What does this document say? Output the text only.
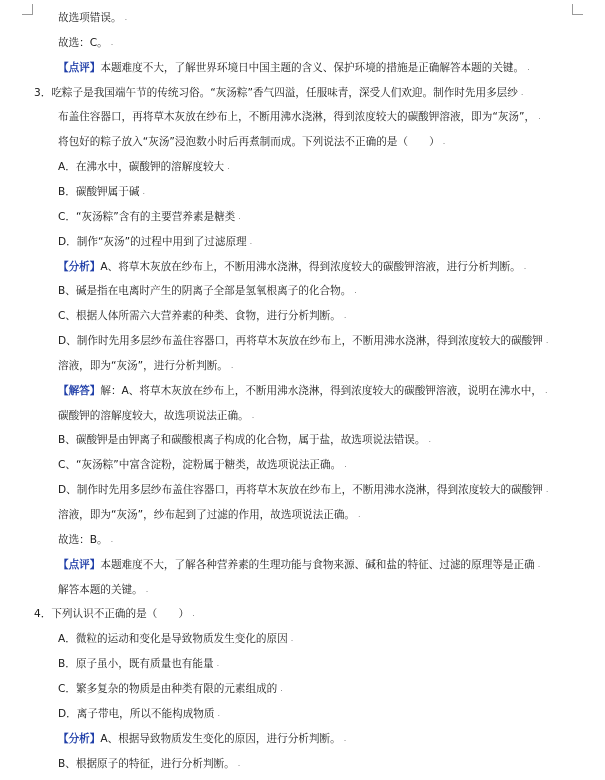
故选项错误。 .
故选：C。 .
【点评】本题难度不大，了解世界环境日中国主题的含义、保护环境的措施是正确解答本题的关键。 .
3．吃粽子是我国端午节的传统习俗。“灰汤粽”香气四溢，任服味青，深受人们欢迎。制作时先用多层纱 .
布盖住容器口，再将草木灰放在纱布上，不断用沸水浇淋，得到浓度较大的碳酸钾溶液，即为“灰汤”， .
将包好的粽子放入“灰汤”浸泡数小时后再煮制而成。下列说法不正确的是（　　） .
A．在沸水中，碳酸钾的溶解度较大 .
B．碳酸钾属于碱 .
C．“灰汤粽”含有的主要营养素是糖类 .
D．制作“灰汤”的过程中用到了过滤原理 .
【分析】A、将草木灰放在纱布上，不断用沸水浇淋，得到浓度较大的碳酸钾溶液，进行分析判断。 .
B、碱是指在电离时产生的阴离子全部是氢氧根离子的化合物。 .
C、根据人体所需六大营养素的种类、食物，进行分析判断。 .
D、制作时先用多层纱布盖住容器口，再将草木灰放在纱布上，不断用沸水浇淋，得到浓度较大的碳酸钾 .
溶液，即为“灰汤”，进行分析判断。 .
【解答】解：A、将草木灰放在纱布上，不断用沸水浇淋，得到浓度较大的碳酸钾溶液，说明在沸水中， .
碳酸钾的溶解度较大，故选项说法正确。 .
B、碳酸钾是由钾离子和碳酸根离子构成的化合物，属于盐，故选项说法错误。 .
C、“灰汤粽”中富含淀粉，淀粉属于糖类，故选项说法正确。 .
D、制作时先用多层纱布盖住容器口，再将草木灰放在纱布上，不断用沸水浇淋，得到浓度较大的碳酸钾 .
溶液，即为“灰汤”，纱布起到了过滤的作用，故选项说法正确。 .
故选：B。 .
【点评】本题难度不大，了解各种营养素的生理功能与食物来源、碱和盐的特征、过滤的原理等是正确 .
解答本题的关键。 .
4．下列认识不正确的是（　　） .
A．微粒的运动和变化是导致物质发生变化的原因 .
B．原子虽小，既有质量也有能量 .
C．繁多复杂的物质是由种类有限的元素组成的 .
D．离子带电，所以不能构成物质 .
【分析】A、根据导致物质发生变化的原因，进行分析判断。 .
B、根据原子的特征，进行分析判断。 .
